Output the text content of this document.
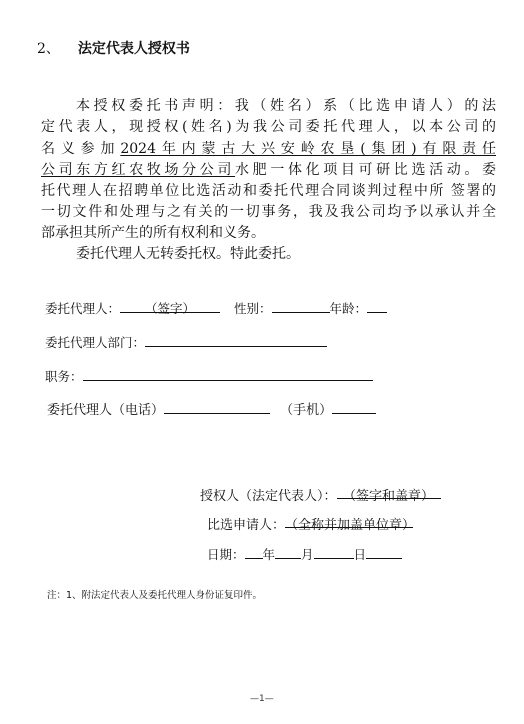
2、 法定代表人授权书
本授权委托书声明：我（姓名）系（比选申请人）的法
定代表人，现授权(姓名)为我公司委托代理人，以本公司的
名义参加2024年内蒙古大兴安岭农垦(集团)有限责任
公司东方红农牧场分公司水肥一体化项目可研比选活动。委
托代理人在招聘单位比选活动和委托代理合同谈判过程中所 签署的
一切文件和处理与之有关的一切事务，我及我公司均予以承认并全
部承担其所产生的所有权利和义务。
委托代理人无转委托权。特此委托。
委托代理人： （签字）	性别：	年龄：
委托代理人部门：
职务：
委托代理人（电话）	（手机）
授权人（法定代表人）： （签字和盖章）
比选申请人：（全称并加盖单位章）
日期： 年 月	日
注：1、附法定代表人及委托代理人身份证复印件。
—1—
